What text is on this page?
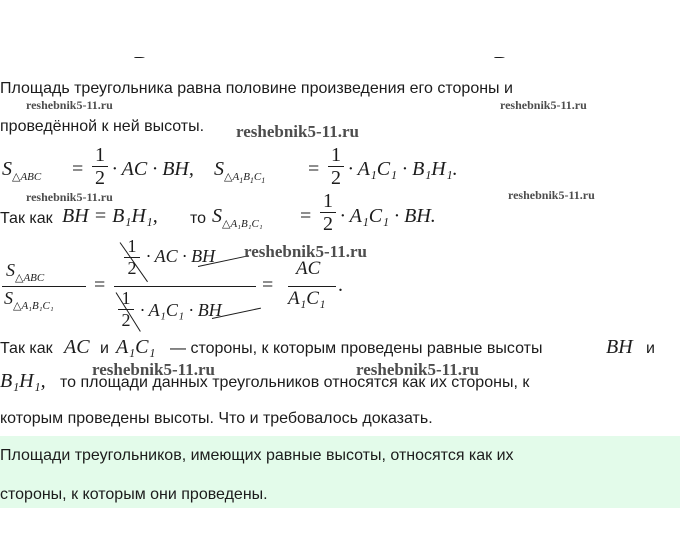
Площадь треугольника равна половине произведения его стороны и
проведённой к ней высоты.
$S_{\triangle ABC}$ =
1
2 · AC · BH, $S_{\triangle A_1B_1C_1}$
=
1
2 · A₁C₁ · B₁H₁.
Так как BH = B₁H₁, то $S_{\triangle A_1B_1C_1}$ =
1
2 · A₁C₁ · BH.
$S_{\triangle ABC}$
$S_{\triangle A_1B_1C_1}$
=
1
2
· AC · BH
1
2 · A₁C₁ · BH
=
AC
A₁C₁
.
Так как AC и A₁C₁ — стороны, к которым проведены равные высоты	BH и
B₁H₁, то площади данных треугольников относятся как их стороны, к
которым проведены высоты. Что и требовалось доказать.
Площади треугольников, имеющих равные высоты, относятся как их
стороны, к которым они проведены.
reshebnik5-11.ru	reshebnik5-11.ru
reshebnik5-11.ru
reshebnik5-11.ru	reshebnik5-11.ru
reshebnik5-11.ru
reshebnik5-11.ru	reshebnik5-11.ru
